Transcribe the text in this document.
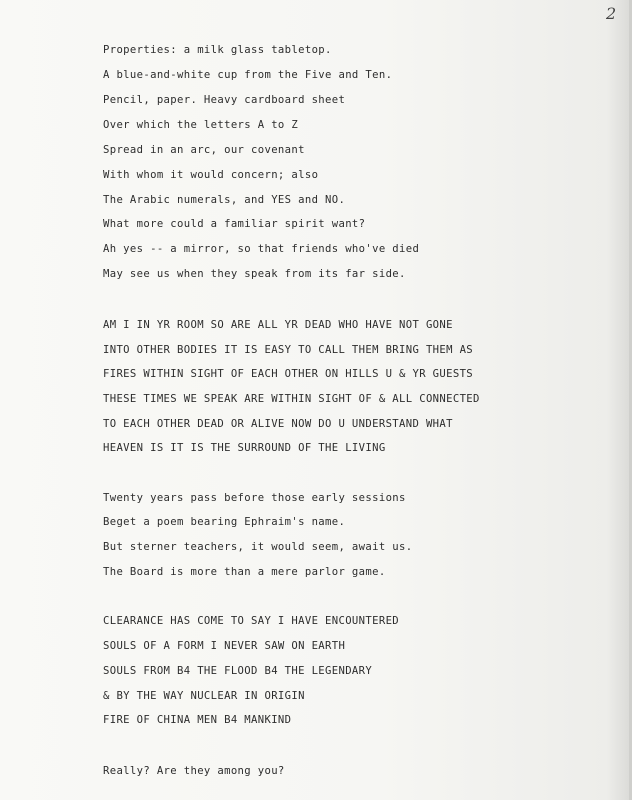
2
Properties: a milk glass tabletop.
A blue-and-white cup from the Five and Ten.
Pencil, paper. Heavy cardboard sheet
Over which the letters A to Z
Spread in an arc, our covenant
With whom it would concern; also
The Arabic numerals, and YES and NO.
What more could a familiar spirit want?
Ah yes -- a mirror, so that friends who've died
May see us when they speak from its far side.
AM I IN YR ROOM SO ARE ALL YR DEAD WHO HAVE NOT GONE
INTO OTHER BODIES IT IS EASY TO CALL THEM BRING THEM AS
FIRES WITHIN SIGHT OF EACH OTHER ON HILLS U & YR GUESTS
THESE TIMES WE SPEAK ARE WITHIN SIGHT OF & ALL CONNECTED
TO EACH OTHER DEAD OR ALIVE NOW DO U UNDERSTAND WHAT
HEAVEN IS IT IS THE SURROUND OF THE LIVING
Twenty years pass before those early sessions
Beget a poem bearing Ephraim's name.
But sterner teachers, it would seem, await us.
The Board is more than a mere parlor game.
CLEARANCE HAS COME TO SAY I HAVE ENCOUNTERED
SOULS OF A FORM I NEVER SAW ON EARTH
SOULS FROM B4 THE FLOOD B4 THE LEGENDARY
& BY THE WAY NUCLEAR IN ORIGIN
FIRE OF CHINA MEN B4 MANKIND
Really? Are they among you?
